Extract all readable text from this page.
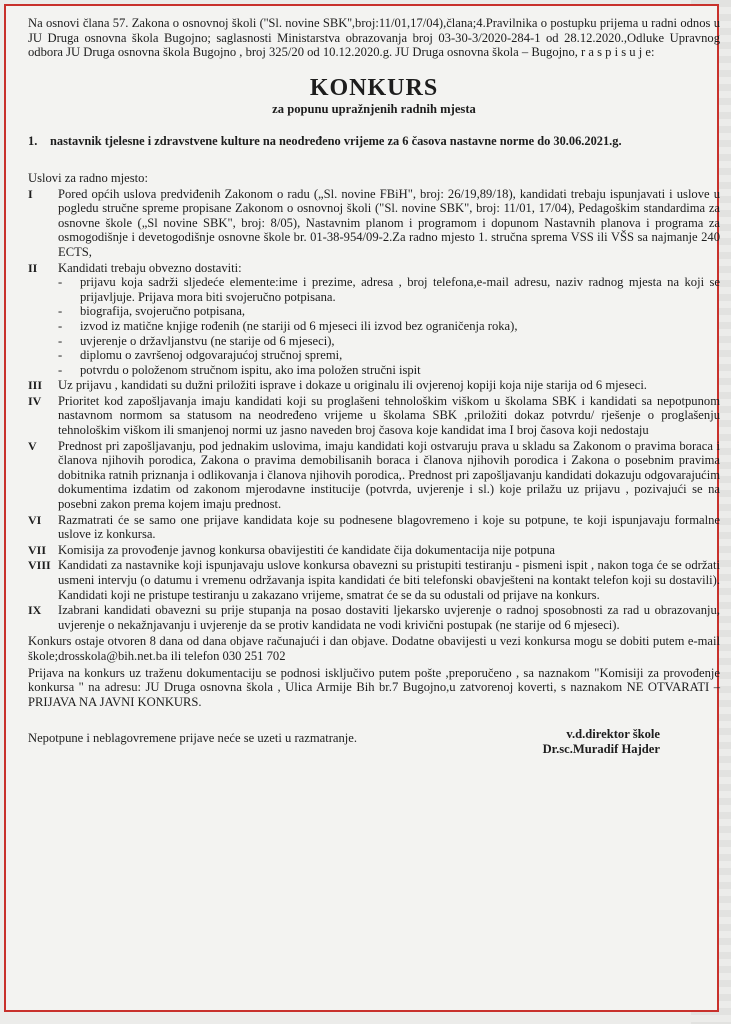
Na osnovi člana 57. Zakona o osnovnoj školi (''Sl. novine SBK'',broj:11/01,17/04),člana;4.Pravilnika o postupku prijema u radni odnos u JU Druga osnovna škola Bugojno; saglasnosti Ministarstva obrazovanja broj 03-30-3/2020-284-1 od 28.12.2020.,Odluke Upravnog odbora JU Druga osnovna škola Bugojno , broj 325/20 od 10.12.2020.g. JU Druga osnovna škola – Bugojno, r a s p i s u j e:

KONKURS
za popunu upražnjenih radnih mjesta
1.	nastavnik tjelesne i zdravstvene kulture na neodređeno vrijeme za 6 časova nastavne norme do 30.06.2021.g.

Uslovi za radno mjesto:

I	Pored općih uslova predviđenih Zakonom o radu („Sl. novine FBiH", broj: 26/19,89/18), kandidati trebaju ispunjavati i uslove u pogledu stručne spreme propisane Zakonom o osnovnoj školi ("Sl. novine SBK", broj: 11/01, 17/04), Pedagoškim standardima za osnovne škole („Sl novine SBK", broj: 8/05), Nastavnim planom i programom i dopunom Nastavnih planova i programa za osmogodišnje i devetogodišnje osnovne škole br. 01-38-954/09-2.Za radno mjesto 1. stručna sprema VSS ili VŠS sa najmanje 240 ECTS,
II	Kandidati trebaju obvezno dostaviti:
-	prijavu koja sadrži sljedeće elemente:ime i prezime, adresa , broj telefona,e-mail adresu, naziv radnog mjesta na koji se prijavljuje. Prijava mora biti svojeručno potpisana.
-	biografija, svojeručno potpisana,
-	izvod iz matične knjige rođenih (ne stariji od 6 mjeseci ili izvod bez ograničenja roka),
-	uvjerenje o državljanstvu (ne starije od 6 mjeseci),
-	diplomu o završenoj odgovarajućoj stručnoj spremi,
-	potvrdu o položenom stručnom ispitu, ako ima položen stručni ispit
III	Uz prijavu , kandidati su dužni priložiti isprave i dokaze u originalu ili ovjerenoj kopiji koja nije starija od 6 mjeseci.
IV	Prioritet kod zapošljavanja imaju kandidati koji su proglašeni tehnološkim viškom u školama SBK i kandidati sa nepotpunom nastavnom normom sa statusom na neodređeno vrijeme u školama SBK ,priložiti dokaz potvrdu/ rješenje o proglašenju tehnološkim viškom ili smanjenoj normi uz jasno naveden broj časova koje kandidat ima I broj časova koji nedostaju
V	Prednost pri zapošljavanju, pod jednakim uslovima, imaju kandidati koji ostvaruju prava u skladu sa Zakonom o pravima boraca i članova njihovih porodica, Zakona o pravima demobilisanih boraca i članova njihovih porodica i Zakona o posebnim pravima dobitnika ratnih priznanja i odlikovanja i članova njihovih porodica,. Prednost pri zapošljavanju kandidati dokazuju odgovarajućim dokumentima izdatim od zakonom mjerodavne institucije (potvrda, uvjerenje i sl.) koje prilažu uz prijavu , pozivajući se na posebni zakon prema kojem imaju prednost.
VI	Razmatrati će se samo one prijave kandidata koje su podnesene blagovremeno i koje su potpune, te koji ispunjavaju formalne uslove iz konkursa.
VII Komisija za provođenje javnog konkursa obavijestiti će kandidate čija dokumentacija nije potpuna
VIII Kandidati za nastavnike koji ispunjavaju uslove konkursa obavezni su pristupiti testiranju - pismeni ispit , nakon toga će se održati usmeni intervju (o datumu i vremenu održavanja ispita kandidati će biti telefonski obavještenі na kontakt telefon koji su dostavili). Kandidati koji ne pristupe testiranju u zakazano vrijeme, smatrat će se da su odustali od prijave na konkurs.
IX	Izabrani kandidati obavezni su prije stupanja na posao dostaviti ljekarsko uvjerenje o radnoj sposobnosti za rad u obrazovanju, uvjerenje o nekažnjavanju i uvjerenje da se protiv kandidata ne vodi krivični postupak (ne starije od 6 mjeseci).

Konkurs ostaje otvoren 8 dana od dana objave računajući i dan objave. Dodatne obavijesti u vezi konkursa mogu se dobiti putem e-mail škole;drosskola@bih.net.ba ili telefon 030 251 702

Prijava na konkurs uz traženu dokumentaciju se podnosi isključivo putem pošte ,preporučeno , sa naznakom "Komisiji za provođenje konkursa " na adresu: JU Druga osnovna škola , Ulica Armije Bih br.7 Bugojno,u zatvorenoj koverti, s naznakom NE OTVARATI – PRIJAVA NA JAVNI KONKURS.

Nepotpune i neblagovremene prijave neće se uzeti u razmatranje.	v.d.direktor škole
Dr.sc.Muradif Hajder
